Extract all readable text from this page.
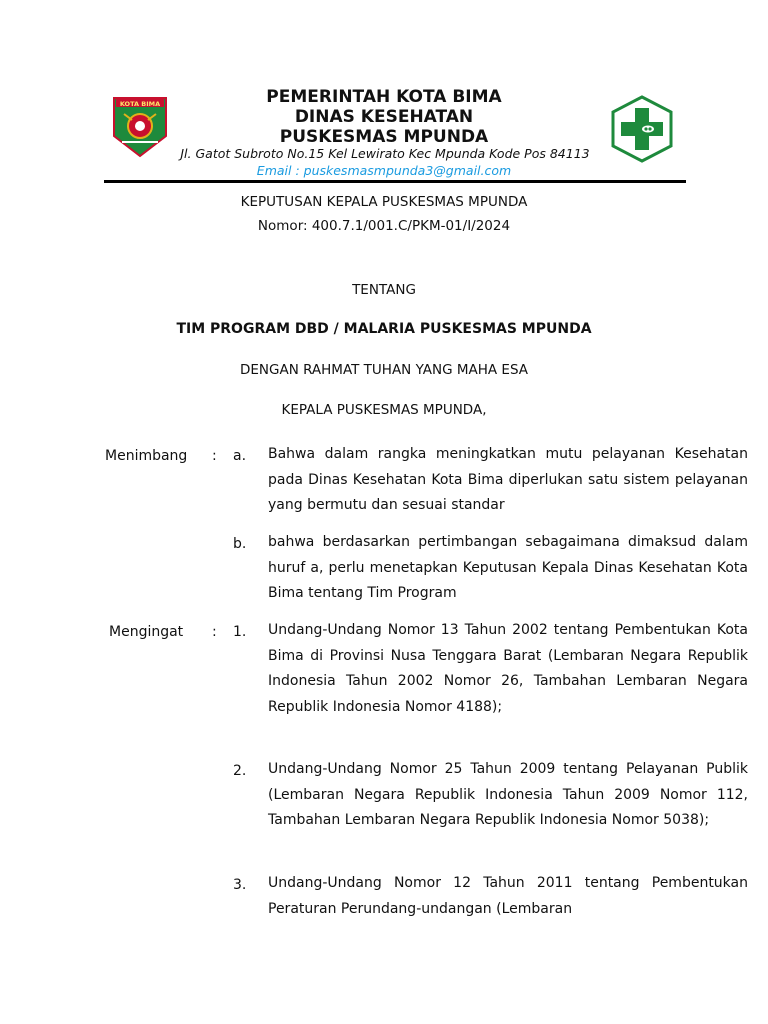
KOTA BIMA	PEMERINTAH KOTA BIMA
DINAS KESEHATAN
PUSKESMAS MPUNDA
Jl. Gatot Subroto No.15 Kel Lewirato Kec Mpunda Kode Pos 84113
Email : puskesmasmpunda3@gmail.com
KEPUTUSAN KEPALA PUSKESMAS MPUNDA
Nomor: 400.7.1/001.C/PKM-01/I/2024
TENTANG
TIM PROGRAM DBD / MALARIA PUSKESMAS MPUNDA
DENGAN RAHMAT TUHAN YANG MAHA ESA
KEPALA PUSKESMAS MPUNDA,
Menimbang : a. Bahwa dalam rangka meningkatkan mutu pelayanan Kesehatan pada Dinas Kesehatan Kota Bima diperlukan satu sistem pelayanan yang bermutu dan sesuai standar
b. bahwa berdasarkan pertimbangan sebagaimana dimaksud dalam huruf a, perlu menetapkan Keputusan Kepala Dinas Kesehatan Kota Bima tentang Tim Program
Mengingat : 1. Undang-Undang Nomor 13 Tahun 2002 tentang Pembentukan Kota Bima di Provinsi Nusa Tenggara Barat (Lembaran Negara Republik Indonesia Tahun 2002 Nomor 26, Tambahan Lembaran Negara Republik Indonesia Nomor 4188);
2. Undang-Undang Nomor 25 Tahun 2009 tentang Pelayanan Publik (Lembaran Negara Republik Indonesia Tahun 2009 Nomor 112, Tambahan Lembaran Negara Republik Indonesia Nomor 5038);
3. Undang-Undang Nomor 12 Tahun 2011 tentang Pembentukan Peraturan Perundang-undangan (Lembaran
